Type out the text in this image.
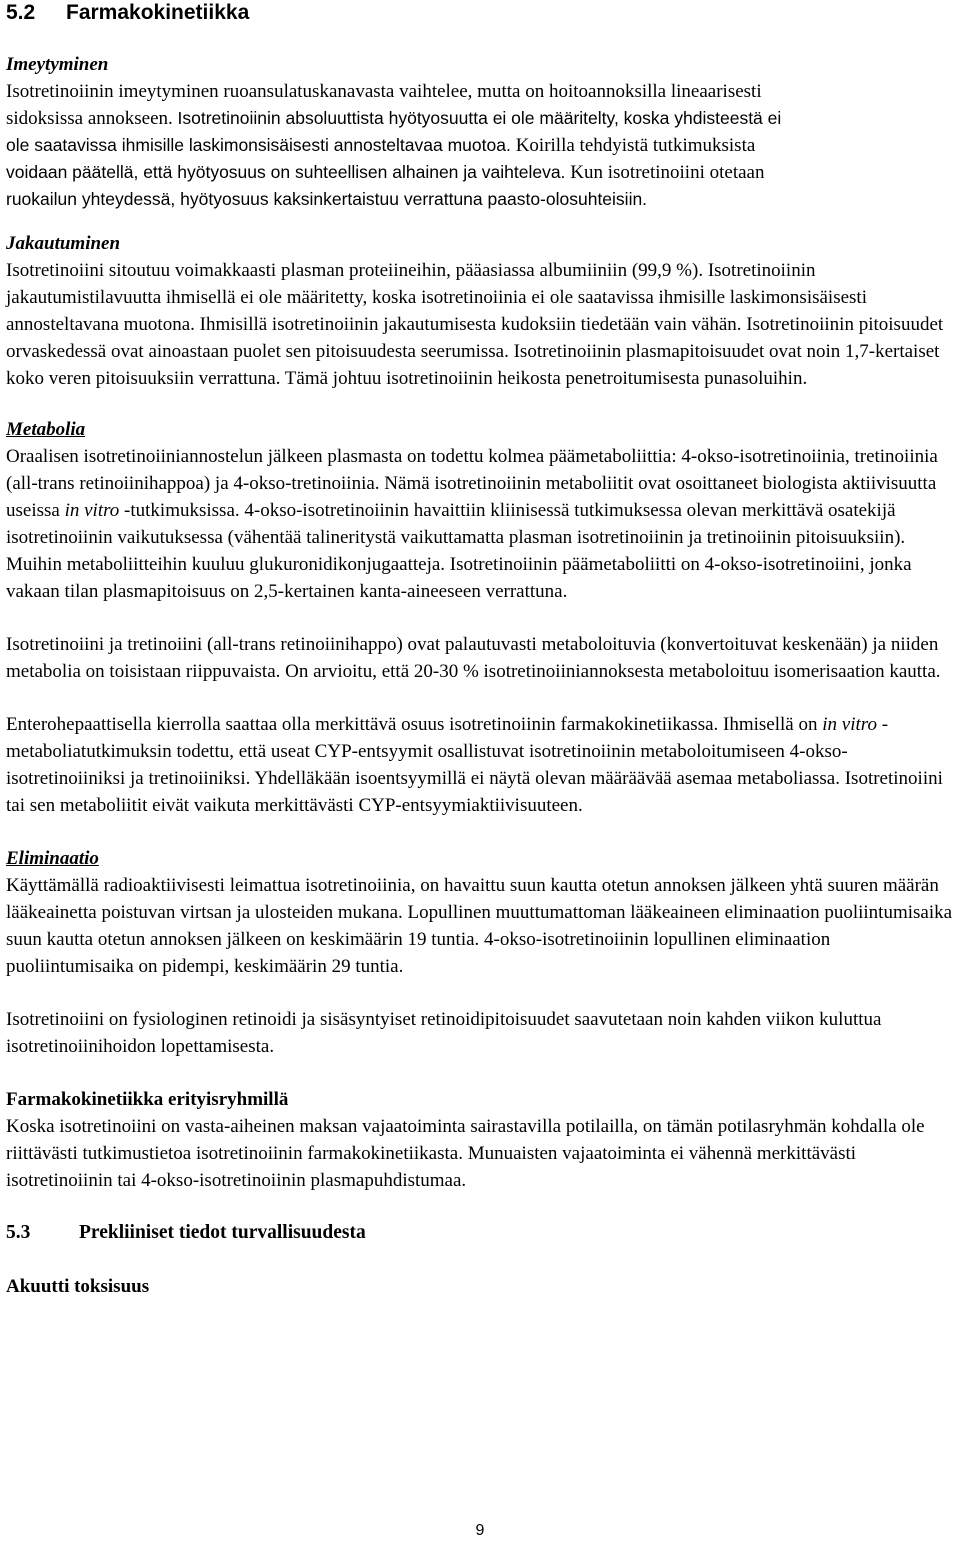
5.2 Farmakokinetiikka

Imeytyminen

Isotretinoiinin imeytyminen ruoansulatuskanavasta vaihtelee, mutta on hoitoannoksilla lineaarisesti
sidoksissa annokseen. Isotretinoiinin absoluuttista hyötyosuutta ei ole määritelty, koska yhdisteestä ei
ole saatavissa ihmisille laskimonsisäisesti annosteltavaa muotoa. Koirilla tehdyistä tutkimuksista
voidaan päätellä, että hyötyosuus on suhteellisen alhainen ja vaihteleva. Kun isotretinoiini otetaan
ruokailun yhteydessä, hyötyosuus kaksinkertaistuu verrattuna paasto-olosuhteisiin.

Jakautuminen

Isotretinoiini sitoutuu voimakkaasti plasman proteiineihin, pääasiassa albumiiniin (99,9 %). Isotretinoiinin jakautumistilavuutta ihmisellä ei ole määritetty, koska isotretinoiinia ei ole saatavissa ihmisille laskimonsisäisesti annosteltavana muotona. Ihmisillä isotretinoiinin jakautumisesta kudoksiin tiedetään vain vähän. Isotretinoiinin pitoisuudet orvaskedessä ovat ainoastaan puolet sen pitoisuudesta seerumissa. Isotretinoiinin plasmapitoisuudet ovat noin 1,7-kertaiset koko veren pitoisuuksiin verrattuna. Tämä johtuu isotretinoiinin heikosta penetroitumisesta punasoluihin.

Metabolia

Oraalisen isotretinoiiniannostelun jälkeen plasmasta on todettu kolmea päämetaboliittia: 4-okso-isotretinoiinia, tretinoiinia (all-trans retinoiinihappoa) ja 4-okso-tretinoiinia. Nämä isotretinoiinin metaboliitit ovat osoittaneet biologista aktiivisuutta useissa in vitro -tutkimuksissa. 4-okso-isotretinoiinin havaittiin kliinisessä tutkimuksessa olevan merkittävä osatekijä isotretinoiinin vaikutuksessa (vähentää talinerityst​ä vaikuttamatta plasman isotretinoiinin ja tretinoiinin pitoisuuksiin). Muihin metaboliitteihin kuuluu glukuronidikonjugaatteja. Isotretinoiinin päämetaboliitti on 4-okso-isotretinoiini, jonka vakaan tilan plasmapitoisuus on 2,5-kertainen kanta-aineeseen verrattuna.

Isotretinoiini ja tretinoiini (all-trans retinoiinihappo) ovat palautuvasti metaboloituvia (konvertoituvat keskenään) ja niiden metabolia on toisistaan riippuvaista. On arvioitu, että 20-30 % isotretinoiiniannoksesta metaboloituu isomerisaation kautta.

Enterohepaattisella kierrolla saattaa olla merkittävä osuus isotretinoiinin farmakokinetiikassa. Ihmisellä on in vitro -metaboliatutkimuksin todettu, että useat CYP-entsyymit osallistuvat isotretinoiinin metaboloitumiseen 4-okso-isotretinoiiniksi ja tretinoiiniksi. Yhdelläkään isoentsyymillä ei näytä olevan määräävää asemaa metaboliassa. Isotretinoiini tai sen metaboliitit eivät vaikuta merkittävästi CYP-entsyymiaktiivisuuteen.

Eliminaatio

Käyttämällä radioaktiivisesti leimattua isotretinoiinia, on havaittu suun kautta otetun annoksen jälkeen yhtä suuren määrän lääkeainetta poistuvan virtsan ja ulosteiden mukana. Lopullinen muuttumattoman lääkeaineen eliminaation puoliintumisaika suun kautta otetun annoksen jälkeen on keskimäärin 19 tuntia. 4-okso-isotretinoiinin lopullinen eliminaation puoliintumisaika on pidempi, keskimäärin 29 tuntia.

Isotretinoiini on fysiologinen retinoidi ja sisäsyntyiset retinoidipitoisuudet saavutetaan noin kahden viikon kuluttua isotretinoiinihoidon lopettamisesta.

Farmakokinetiikka erityisryhmillä

Koska isotretinoiini on vasta-aiheinen maksan vajaatoiminta sairastavilla potilailla, on tämän potilasryhmän kohdalla ole riittävästi tutkimustietoa isotretinoiinin farmakokinetiikasta. Munuaisten vajaatoiminta ei vähennä merkittävästi isotretinoiinin tai 4-okso-isotretinoiinin plasmapuhdistumaa.

5.3 Prekliiniset tiedot turvallisuudesta

Akuutti toksisuus

9
